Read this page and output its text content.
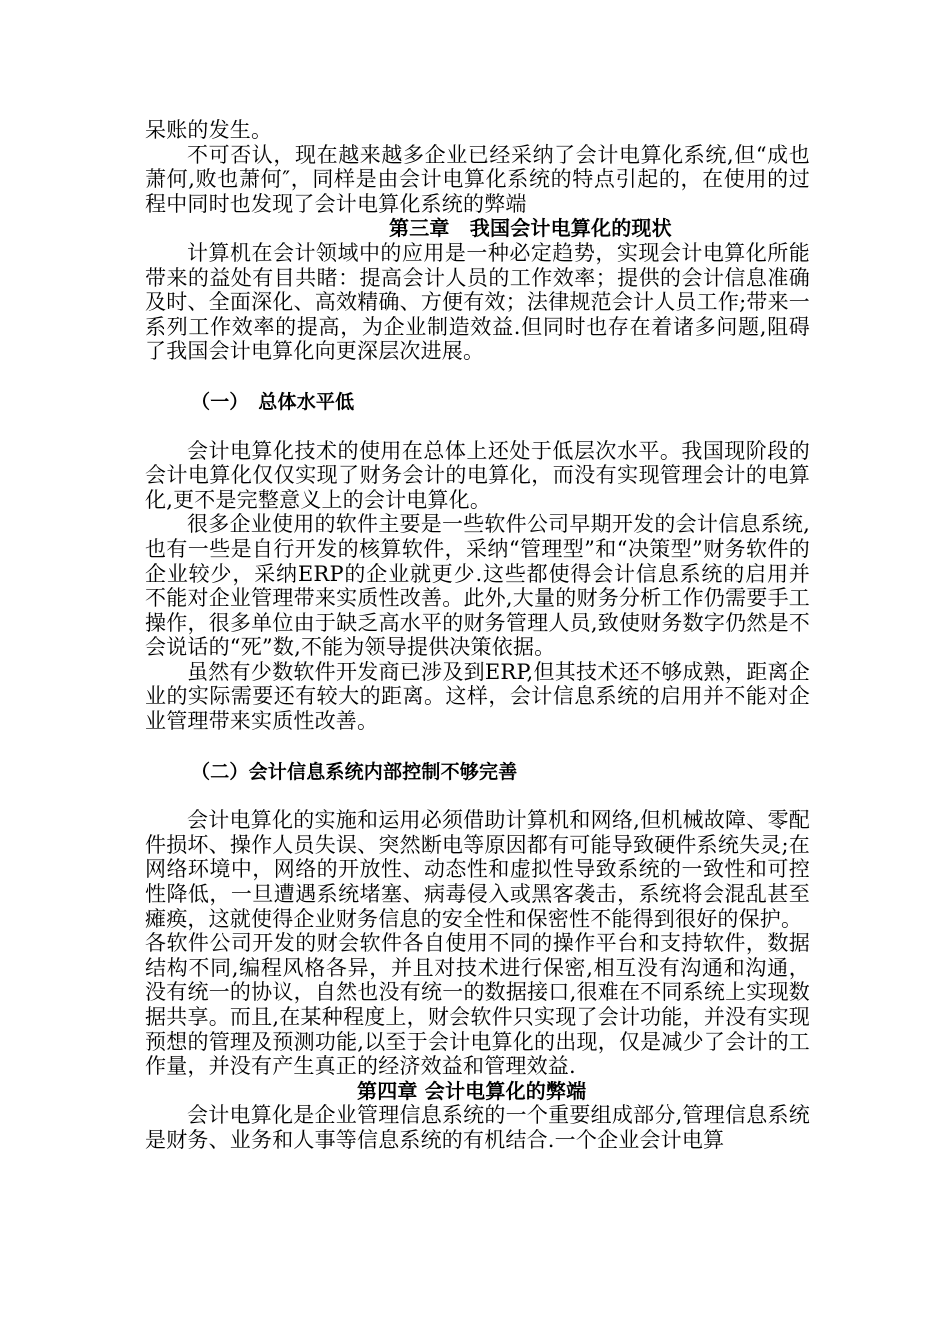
呆账的发生。

不可否认，现在越来越多企业已经采纳了会计电算化系统,但“成也萧何,败也萧何″，同样是由会计电算化系统的特点引起的，在使用的过程中同时也发现了会计电算化系统的弊端

第三章　我国会计电算化的现状

计算机在会计领域中的应用是一种必定趋势，实现会计电算化所能带来的益处有目共睹：提高会计人员的工作效率；提供的会计信息准确及时、全面深化、高效精确、方便有效；法律规范会计人员工作;带来一系列工作效率的提高，为企业制造效益.但同时也存在着诸多问题,阻碍了我国会计电算化向更深层次进展。

（一）　总体水平低

会计电算化技术的使用在总体上还处于低层次水平。我国现阶段的会计电算化仅仅实现了财务会计的电算化，而没有实现管理会计的电算化,更不是完整意义上的会计电算化。

很多企业使用的软件主要是一些软件公司早期开发的会计信息系统,也有一些是自行开发的核算软件，采纳“管理型”和“决策型”财务软件的企业较少，采纳ERP的企业就更少.这些都使得会计信息系统的启用并不能对企业管理带来实质性改善。此外,大量的财务分析工作仍需要手工操作，很多单位由于缺乏高水平的财务管理人员,致使财务数字仍然是不会说话的“死”数,不能为领导提供决策依据。

虽然有少数软件开发商已涉及到ERP,但其技术还不够成熟，距离企业的实际需要还有较大的距离。这样，会计信息系统的启用并不能对企业管理带来实质性改善。

（二）会计信息系统内部控制不够完善

会计电算化的实施和运用必须借助计算机和网络,但机械故障、零配件损坏、操作人员失误、突然断电等原因都有可能导致硬件系统失灵;在网络环境中，网络的开放性、动态性和虚拟性导致系统的一致性和可控性降低，一旦遭遇系统堵塞、病毒侵入或黑客袭击，系统将会混乱甚至瘫痪，这就使得企业财务信息的安全性和保密性不能得到很好的保护。

各软件公司开发的财会软件各自使用不同的操作平台和支持软件，数据结构不同,编程风格各异，并且对技术进行保密,相互没有沟通和沟通，没有统一的协议，自然也没有统一的数据接口,很难在不同系统上实现数据共享。而且,在某种程度上，财会软件只实现了会计功能，并没有实现预想的管理及预测功能,以至于会计电算化的出现，仅是减少了会计的工作量，并没有产生真正的经济效益和管理效益.

第四章 会计电算化的弊端

会计电算化是企业管理信息系统的一个重要组成部分,管理信息系统是财务、业务和人事等信息系统的有机结合.一个企业会计电算
